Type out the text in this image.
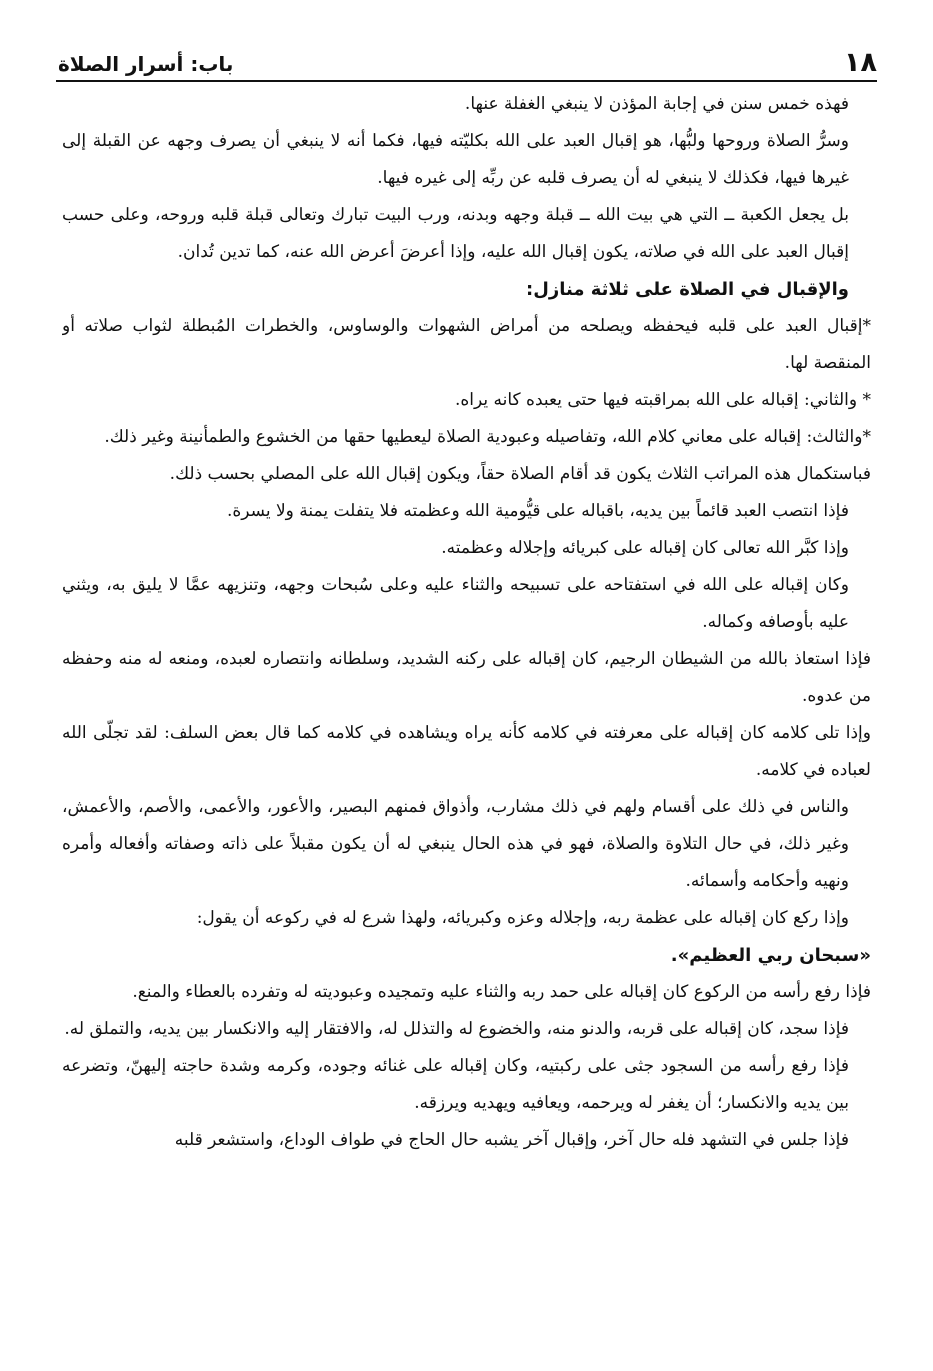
١٨
باب: أسرار الصلاة

فهذه خمس سنن في إجابة المؤذن لا ينبغي الغفلة عنها.

وسرُّ الصلاة وروحها ولبُّها، هو إقبال العبد على الله بكليّته فيها، فكما أنه لا ينبغي أن يصرف وجهه عن القبلة إلى غيرها فيها، فكذلك لا ينبغي له أن يصرف قلبه عن ربِّه إلى غيره فيها.

بل يجعل الكعبة ــ التي هي بيت الله ــ قبلة وجهه وبدنه، ورب البيت تبارك وتعالى قبلة قلبه وروحه، وعلى حسب إقبال العبد على الله في صلاته، يكون إقبال الله عليه، وإذا أعرضَ أعرض الله عنه، كما تدين تُدان.

والإقبال في الصلاة على ثلاثة منازل:

*إقبال العبد على قلبه فيحفظه ويصلحه من أمراض الشهوات والوساوس، والخطرات المُبطلة لثواب صلاته أو المنقصة لها.

* والثاني: إقباله على الله بمراقبته فيها حتى يعبده كانه يراه.

*والثالث: إقباله على معاني كلام الله، وتفاصيله وعبودية الصلاة ليعطيها حقها من الخشوع والطمأنينة وغير ذلك.

فباستكمال هذه المراتب الثلاث يكون قد أقام الصلاة حقاً، ويكون إقبال الله على المصلي بحسب ذلك.

فإذا انتصب العبد قائماً بين يديه، باقباله على قيُّومية الله وعظمته فلا يتفلت يمنة ولا يسرة.

وإذا كبَّر الله تعالى كان إقباله على كبريائه وإجلاله وعظمته.

وكان إقباله على الله في استفتاحه على تسبيحه والثناء عليه وعلى سُبحات وجهه، وتنزيهه عمَّا لا يليق به، ويثني عليه بأوصافه وكماله.

فإذا استعاذ بالله من الشيطان الرجيم، كان إقباله على ركنه الشديد، وسلطانه وانتصاره لعبده، ومنعه له منه وحفظه من عدوه.

وإذا تلى كلامه كان إقباله على معرفته في كلامه كأنه يراه ويشاهده في كلامه كما قال بعض السلف: لقد تجلّى الله لعباده في كلامه.

والناس في ذلك على أقسام ولهم في ذلك مشارب، وأذواق فمنهم البصير، والأعور، والأعمى، والأصم، والأعمش، وغير ذلك، في حال التلاوة والصلاة، فهو في هذه الحال ينبغي له أن يكون مقبلاً على ذاته وصفاته وأفعاله وأمره ونهيه وأحكامه وأسمائه.

وإذا ركع كان إقباله على عظمة ربه، وإجلاله وعزه وكبريائه، ولهذا شرع له في ركوعه أن يقول:

«سبحان ربي العظيم».

فإذا رفع رأسه من الركوع كان إقباله على حمد ربه والثناء عليه وتمجيده وعبوديته له وتفرده بالعطاء والمنع.

فإذا سجد، كان إقباله على قربه، والدنو منه، والخضوع له والتذلل له، والافتقار إليه والانكسار بين يديه، والتملق له.

فإذا رفع رأسه من السجود جثى على ركبتيه، وكان إقباله على غنائه وجوده، وكرمه وشدة حاجته إليهنّ، وتضرعه بين يديه والانكسار؛ أن يغفر له ويرحمه، ويعافيه ويهديه ويرزقه.

فإذا جلس في التشهد فله حال آخر، وإقبال آخر يشبه حال الحاج في طواف الوداع، واستشعر قلبه
